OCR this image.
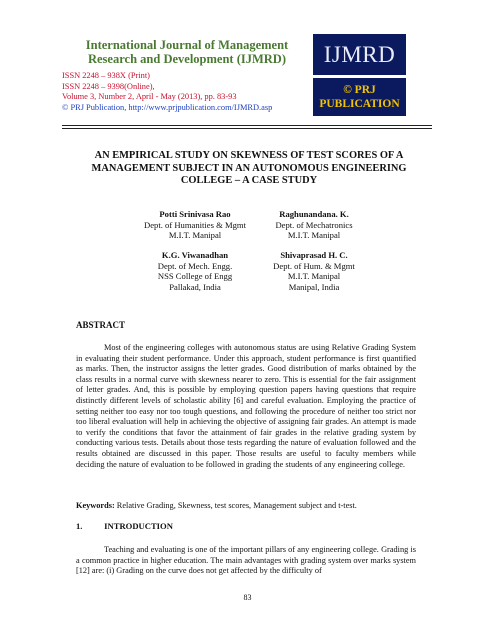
International Journal of Management Research and Development (IJMRD)	IJMRD
© PRJ
PUBLICATION
ISSN 2248 – 938X (Print)
ISSN 2248 – 9398(Online),
Volume 3, Number 2, April - May (2013), pp. 83-93
© PRJ Publication, http://www.prjpublication.com/IJMRD.asp
AN EMPIRICAL STUDY ON SKEWNESS OF TEST SCORES OF A MANAGEMENT SUBJECT IN AN AUTONOMOUS ENGINEERING COLLEGE – A CASE STUDY
Potti Srinivasa Rao
Dept. of Humanities & Mgmt
M.I.T. Manipal
Raghunandana. K.
Dept. of Mechatronics
M.I.T. Manipal
K.G. Viwanadhan
Dept. of Mech. Engg.
NSS College of Engg
Pallakad, India
Shivaprasad H. C.
Dept. of Hum. & Mgmt
M.I.T. Manipal
Manipal, India
ABSTRACT
Most of the engineering colleges with autonomous status are using Relative Grading System in evaluating their student performance. Under this approach, student performance is first quantified as marks. Then, the instructor assigns the letter grades. Good distribution of marks obtained by the class results in a normal curve with skewness nearer to zero. This is essential for the fair assignment of letter grades. And, this is possible by employing question papers having questions that require distinctly different levels of scholastic ability [6] and careful evaluation. Employing the practice of setting neither too easy nor too tough questions, and following the procedure of neither too strict nor too liberal evaluation will help in achieving the objective of assigning fair grades. An attempt is made to verify the conditions that favor the attainment of fair grades in the relative grading system by conducting various tests. Details about those tests regarding the nature of evaluation followed and the results obtained are discussed in this paper. Those results are useful to faculty members while deciding the nature of evaluation to be followed in grading the students of any engineering college.
Keywords: Relative Grading, Skewness, test scores, Management subject and t-test.
1.	INTRODUCTION
Teaching and evaluating is one of the important pillars of any engineering college. Grading is a common practice in higher education. The main advantages with grading system over marks system [12] are: (i) Grading on the curve does not get affected by the difficulty of
83
